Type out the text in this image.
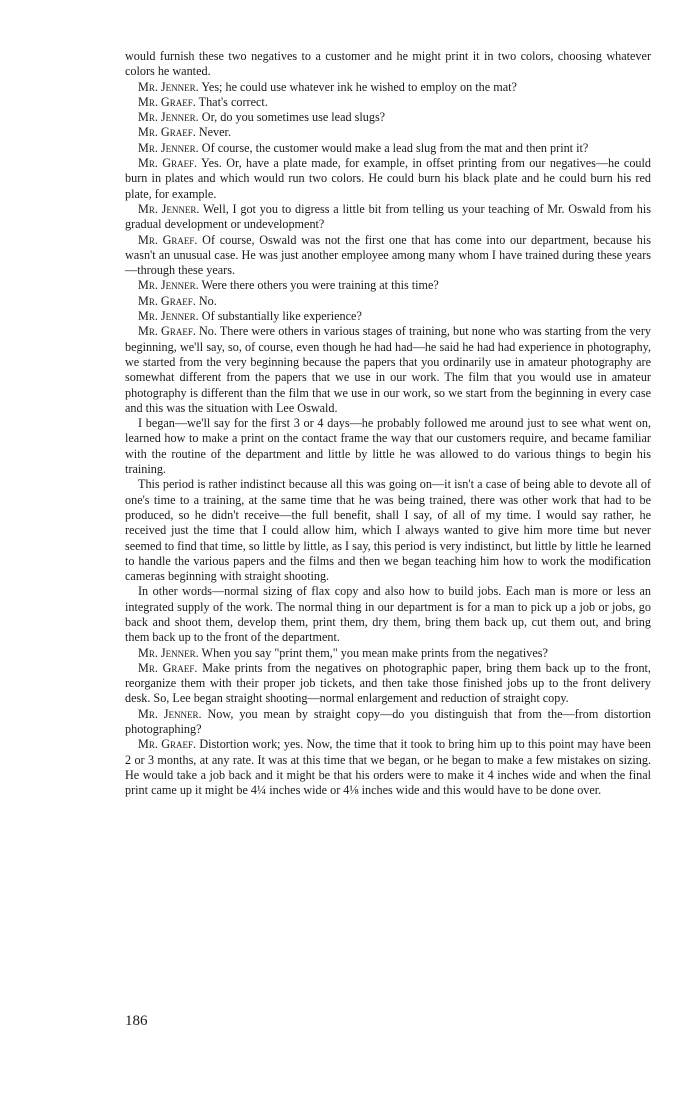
would furnish these two negatives to a customer and he might print it in two colors, choosing whatever colors he wanted.

Mr. Jenner. Yes; he could use whatever ink he wished to employ on the mat?

Mr. Graef. That's correct.

Mr. Jenner. Or, do you sometimes use lead slugs?

Mr. Graef. Never.

Mr. Jenner. Of course, the customer would make a lead slug from the mat and then print it?

Mr. Graef. Yes. Or, have a plate made, for example, in offset printing from our negatives—he could burn in plates and which would run two colors. He could burn his black plate and he could burn his red plate, for example.

Mr. Jenner. Well, I got you to digress a little bit from telling us your teaching of Mr. Oswald from his gradual development or undevelopment?

Mr. Graef. Of course, Oswald was not the first one that has come into our department, because his wasn't an unusual case. He was just another employee among many whom I have trained during these years—through these years.

Mr. Jenner. Were there others you were training at this time?

Mr. Graef. No.

Mr. Jenner. Of substantially like experience?

Mr. Graef. No. There were others in various stages of training, but none who was starting from the very beginning, we'll say, so, of course, even though he had had—he said he had had experience in photography, we started from the very beginning because the papers that you ordinarily use in amateur photography are somewhat different from the papers that we use in our work. The film that you would use in amateur photography is different than the film that we use in our work, so we start from the beginning in every case and this was the situation with Lee Oswald.

I began—we'll say for the first 3 or 4 days—he probably followed me around just to see what went on, learned how to make a print on the contact frame the way that our customers require, and became familiar with the routine of the department and little by little he was allowed to do various things to begin his training.

This period is rather indistinct because all this was going on—it isn't a case of being able to devote all of one's time to a training, at the same time that he was being trained, there was other work that had to be produced, so he didn't receive—the full benefit, shall I say, of all of my time. I would say rather, he received just the time that I could allow him, which I always wanted to give him more time but never seemed to find that time, so little by little, as I say, this period is very indistinct, but little by little he learned to handle the various papers and the films and then we began teaching him how to work the modification cameras beginning with straight shooting.

In other words—normal sizing of flax copy and also how to build jobs. Each man is more or less an integrated supply of the work. The normal thing in our department is for a man to pick up a job or jobs, go back and shoot them, develop them, print them, dry them, bring them back up, cut them out, and bring them back up to the front of the department.

Mr. Jenner. When you say "print them," you mean make prints from the negatives?

Mr. Graef. Make prints from the negatives on photographic paper, bring them back up to the front, reorganize them with their proper job tickets, and then take those finished jobs up to the front delivery desk. So, Lee began straight shooting—normal enlargement and reduction of straight copy.

Mr. Jenner. Now, you mean by straight copy—do you distinguish that from the—from distortion photographing?

Mr. Graef. Distortion work; yes. Now, the time that it took to bring him up to this point may have been 2 or 3 months, at any rate. It was at this time that we began, or he began to make a few mistakes on sizing. He would take a job back and it might be that his orders were to make it 4 inches wide and when the final print came up it might be 4¼ inches wide or 4⅛ inches wide and this would have to be done over.

186
